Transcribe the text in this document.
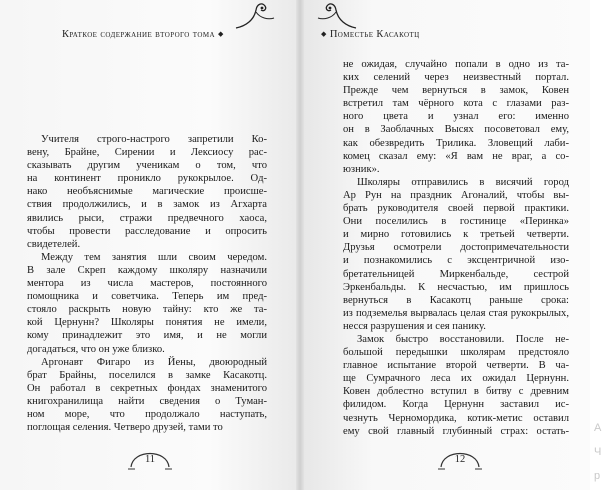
Краткое содержание второго тома ◆	◆ Поместье Касакотц
Учителя строго-настрого запретили Ко-
вену, Брайне, Сирении и Лексиосу рас-
сказывать другим ученикам о том, что
на континент проникло рукокрылое. Од-
нако необъяснимые магические происше-
ствия продолжились, и в замок из Агхарта
явились рыси, стражи предвечного хаоса,
чтобы провести расследование и опросить
свидетелей.
Между тем занятия шли своим чередом.
В зале Скреп каждому школяру назначили
ментора из числа мастеров, постоянного
помощника и советчика. Теперь им пред-
стояло раскрыть новую тайну: кто же та-
кой Цернунн? Школяры понятия не имели,
кому принадлежит это имя, и не могли
догадаться, что он уже близко.
Аргонавт Фигаро из Йены, двоюродный
брат Брайны, поселился в замке Касакотц.
Он работал в секретных фондах знаменитого
книгохранилища найти сведения о Туман-
ном море, что продолжало наступать,
поглощая селения. Четверо друзей, тами то
не ожидая, случайно попали в одно из та-
ких селений через неизвестный портал.
Прежде чем вернуться в замок, Ковен
встретил там чёрного кота с глазами раз-
ного цвета и узнал его: именно
он в Заоблачных Высях посоветовал ему,
как обезвредить Трилика. Зловещий лаби-
комец сказал ему: «Я вам не враг, а со-
юзник».
Школяры отправились в висячий город
Ар Рун на праздник Агоналий, чтобы вы-
брать руководителя своей первой практики.
Они поселились в гостинице «Перинка»
и мирно готовились к третьей четверти.
Друзья осмотрели достопримечательности
и познакомились с эксцентричной изо-
бретательницей Миркенбальде, сестрой
Эркенбальды. К несчастью, им пришлось
вернуться в Касакотц раньше срока:
из подземелья вырвалась целая стая рукокрылых,
несся разрушения и сея панику.
Замок быстро восстановили. После не-
большой передышки школярам предстояло
главное испытание второй четверти. В ча-
ще Сумрачного леса их ожидал Цернунн.
Ковен доблестно вступил в битву с древним
филидом. Когда Цернунн заставил ис-
чезнуть Черномордика, котик-метис оставил
ему свой главный глубинный страх: остать-
11	12
А
Ч
р
